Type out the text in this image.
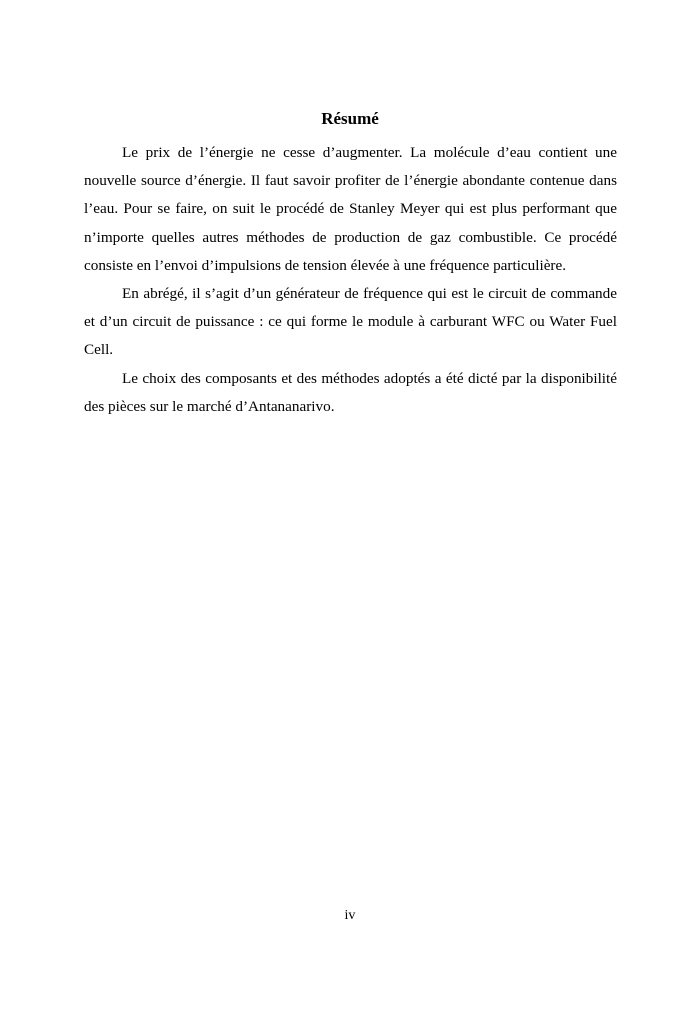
Résumé

Le prix de l’énergie ne cesse d’augmenter. La molécule d’eau contient une nouvelle source d’énergie. Il faut savoir profiter de l’énergie abondante contenue dans l’eau. Pour se faire, on suit le procédé de Stanley Meyer qui est plus performant que n’importe quelles autres méthodes de production de gaz combustible. Ce procédé consiste en l’envoi d’impulsions de tension élevée à une fréquence particulière.

En abrégé, il s’agit d’un générateur de fréquence qui est le circuit de commande et d’un circuit de puissance : ce qui forme le module à carburant WFC ou Water Fuel Cell.

Le choix des composants et des méthodes adoptés a été dicté par la disponibilité des pièces sur le marché d’Antananarivo.

iv
